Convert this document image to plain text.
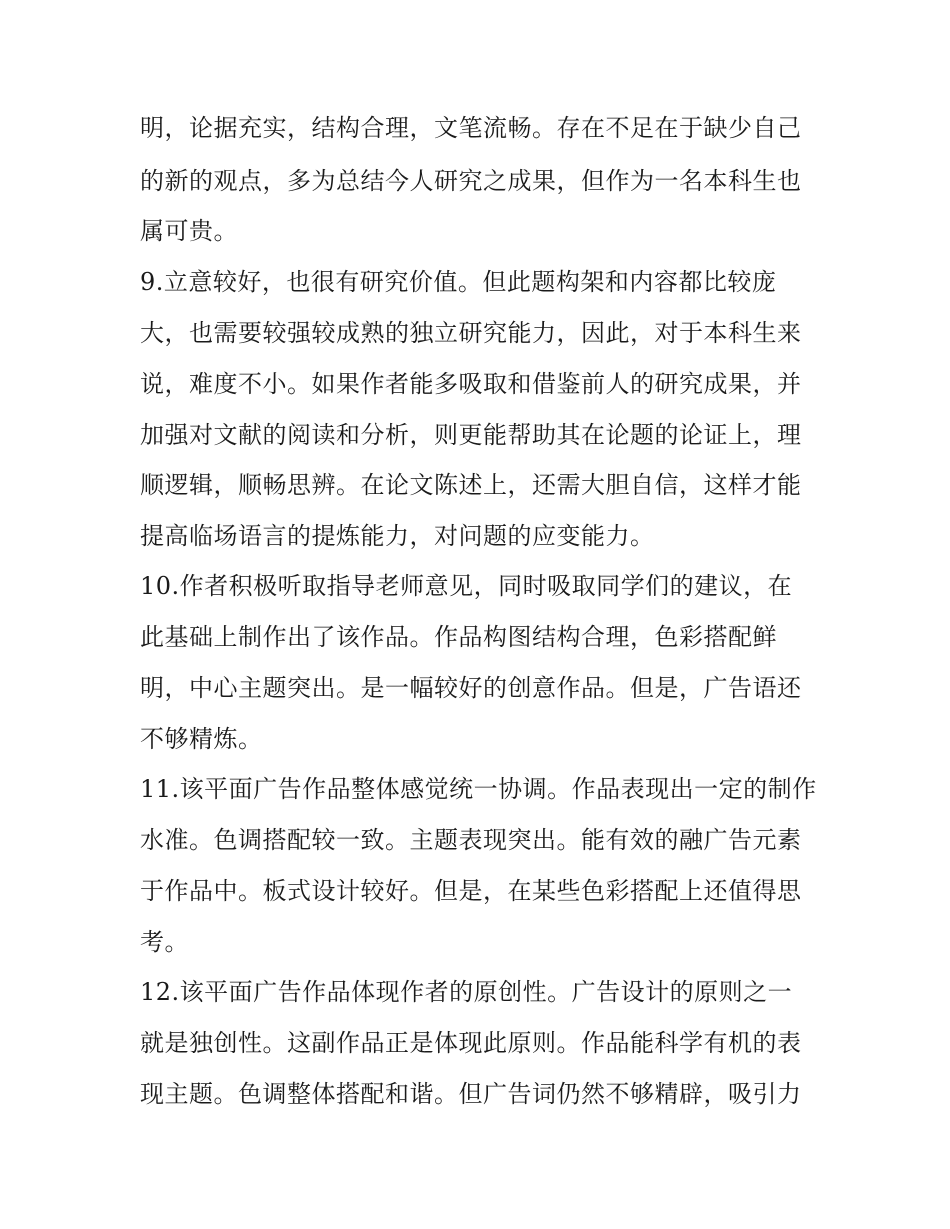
明，论据充实，结构合理，文笔流畅。存在不足在于缺少自己
的新的观点，多为总结今人研究之成果，但作为一名本科生也
属可贵。
9.立意较好，也很有研究价值。但此题构架和内容都比较庞
大，也需要较强较成熟的独立研究能力，因此，对于本科生来
说，难度不小。如果作者能多吸取和借鉴前人的研究成果，并
加强对文献的阅读和分析，则更能帮助其在论题的论证上，理
顺逻辑，顺畅思辨。在论文陈述上，还需大胆自信，这样才能
提高临场语言的提炼能力，对问题的应变能力。
10.作者积极听取指导老师意见，同时吸取同学们的建议，在
此基础上制作出了该作品。作品构图结构合理，色彩搭配鲜
明，中心主题突出。是一幅较好的创意作品。但是，广告语还
不够精炼。
11.该平面广告作品整体感觉统一协调。作品表现出一定的制作
水准。色调搭配较一致。主题表现突出。能有效的融广告元素
于作品中。板式设计较好。但是，在某些色彩搭配上还值得思
考。
12.该平面广告作品体现作者的原创性。广告设计的原则之一
就是独创性。这副作品正是体现此原则。作品能科学有机的表
现主题。色调整体搭配和谐。但广告词仍然不够精辟，吸引力
